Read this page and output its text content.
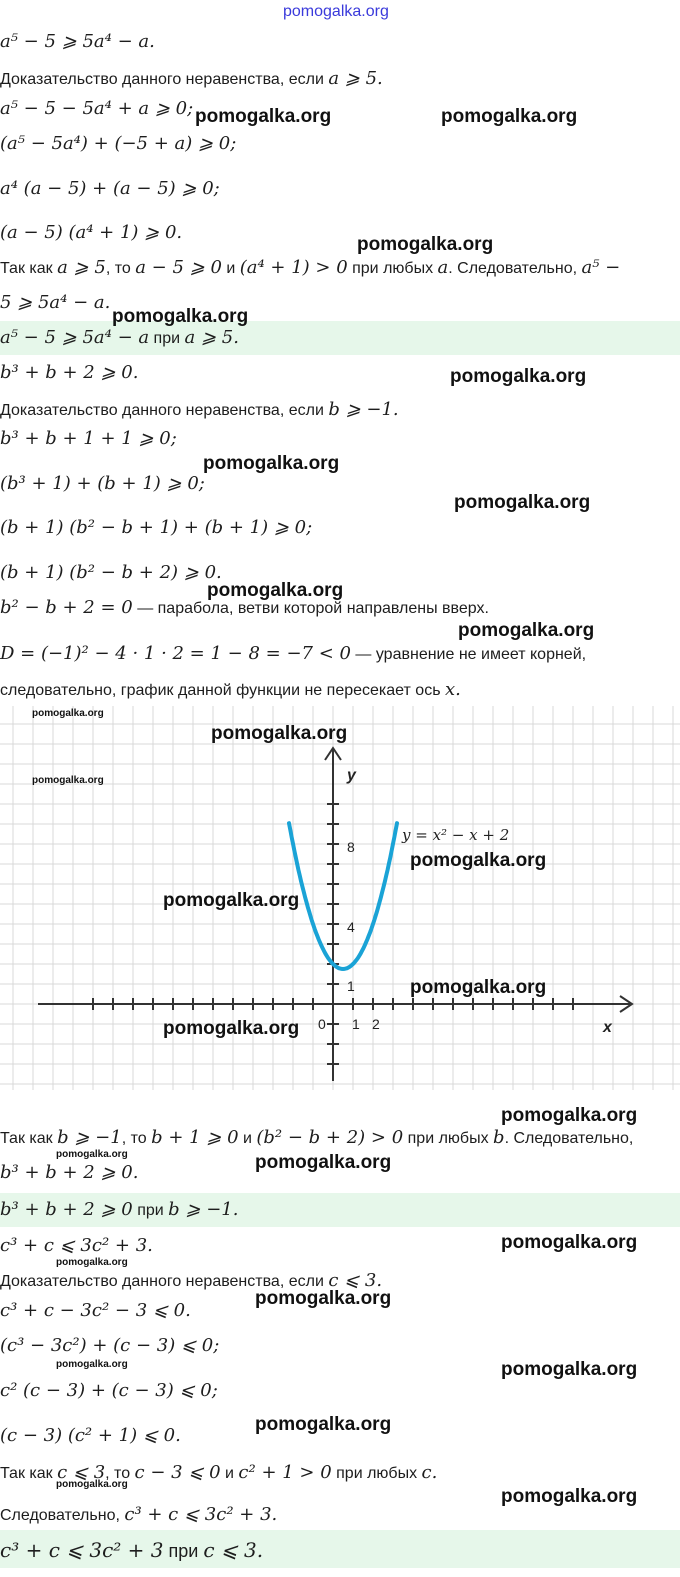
pomogalka.org
a⁵ − 5 ⩾ 5a⁴ − a.
Доказательство данного неравенства, если a ⩾ 5.
a⁵ − 5 − 5a⁴ + a ⩾ 0;
(a⁵ − 5a⁴) + (−5 + a) ⩾ 0;
a⁴ (a − 5) + (a − 5) ⩾ 0;
(a − 5) (a⁴ + 1) ⩾ 0.
Так как a ⩾ 5, то a − 5 ⩾ 0 и (a⁴ + 1) > 0 при любых a. Следовательно, a⁵ −
5 ⩾ 5a⁴ − a.
a⁵ − 5 ⩾ 5a⁴ − a при a ⩾ 5.
b³ + b + 2 ⩾ 0.
Доказательство данного неравенства, если b ⩾ −1.
b³ + b + 1 + 1 ⩾ 0;
(b³ + 1) + (b + 1) ⩾ 0;
(b + 1) (b² − b + 1) + (b + 1) ⩾ 0;
(b + 1) (b² − b + 2) ⩾ 0.
b² − b + 2 = 0 — парабола, ветви которой направлены вверх.
D = (−1)² − 4 · 1 · 2 = 1 − 8 = −7 < 0 — уравнение не имеет корней,
следовательно, график данной функции не пересекает ось x.
x
y
0 1 2
1
4
8
y = x² − x + 2
Так как b ⩾ −1, то b + 1 ⩾ 0 и (b² − b + 2) > 0 при любых b. Следовательно,
b³ + b + 2 ⩾ 0.
b³ + b + 2 ⩾ 0 при b ⩾ −1.
c³ + c ⩽ 3c² + 3.
Доказательство данного неравенства, если c ⩽ 3.
c³ + c − 3c² − 3 ⩽ 0.
(c³ − 3c²) + (c − 3) ⩽ 0;
c² (c − 3) + (c − 3) ⩽ 0;
(c − 3) (c² + 1) ⩽ 0.
Так как c ⩽ 3, то c − 3 ⩽ 0 и c² + 1 > 0 при любых c.
Следовательно, c³ + c ⩽ 3c² + 3.
c³ + c ⩽ 3c² + 3 при c ⩽ 3.
pomogalka.org	pomogalka.org
pomogalka.org
pomogalka.org
pomogalka.org
pomogalka.org
pomogalka.org
pomogalka.org
pomogalka.org
pomogalka.org
pomogalka.org
pomogalka.org
pomogalka.org
pomogalka.org
pomogalka.org
pomogalka.org
pomogalka.org
pomogalka.org	pomogalka.org
pomogalka.org
pomogalka.org
pomogalka.org
pomogalka.org	pomogalka.org
pomogalka.org
pomogalka.org
pomogalka.org
